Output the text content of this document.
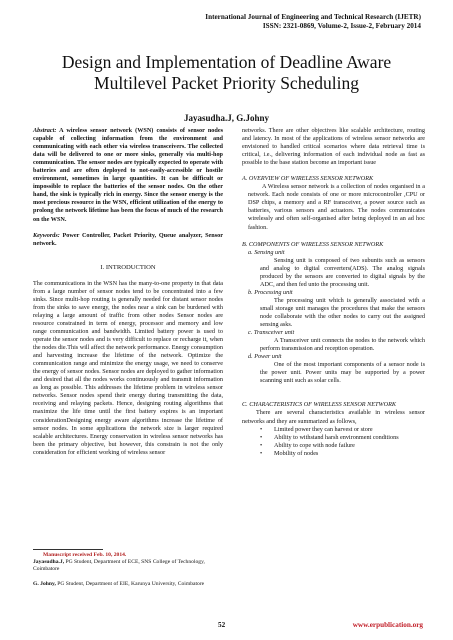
International Journal of Engineering and Technical Research (IJETR)
ISSN: 2321-0869, Volume-2, Issue-2, February 2014
Design and Implementation of Deadline Aware
Multilevel Packet Priority Scheduling
Jayasudha.J, G.Johny

Abstract: A wireless sensor network (WSN) consists of sensor nodes capable of collecting information from the environment and communicating with each other via wireless transceivers. The collected data will be delivered to one or more sinks, generally via multi-hop communication. The sensor nodes are typically expected to operate with batteries and are often deployed to not-easily-accessible or hostile environment, sometimes in large quantities. It can be difficult or impossible to replace the batteries of the sensor nodes. On the other hand, the sink is typically rich in energy. Since the sensor energy is the most precious resource in the WSN, efficient utilization of the energy to prolong the network lifetime has been the focus of much of the research on the WSN.

Keywords: Power Controller, Packet Priority, Queue analyzer, Sensor network.

I. INTRODUCTION

The communications in the WSN has the many-to-one property in that data from a large number of sensor nodes tend to be concentrated into a few sinks. Since multi-hop routing is generally needed for distant sensor nodes from the sinks to save energy, the nodes near a sink can be burdened with relaying a large amount of traffic from other nodes Sensor nodes are resource constrained in term of energy, processor and memory and low range communication and bandwidth. Limited battery power is used to operate the sensor nodes and is very difficult to replace or recharge it, when the nodes die.This will affect the network performance. Energy consumption and harvesting increase the lifetime of the network. Optimize the communication range and minimize the energy usage, we need to conserve the energy of sensor nodes. Sensor nodes are deployed to gather information and desired that all the nodes works continuously and transmit information as long as possible. This addresses the lifetime problem in wireless sensor networks. Sensor nodes spend their energy during transmitting the data, receiving and relaying packets. Hence, designing routing algorithms that maximize the life time until the first battery expires is an important considerationDesigning energy aware algorithms increase the lifetime of sensor nodes. In some applications the network size is larger required scalable architectures. Energy conservation in wireless sensor networks has been the primary objective, but however, this constrain is not the only consideration for efficient working of wireless sensor

networks. There are other objectives like scalable architecture, routing and latency. In most of the applications of wireless sensor networks are envisioned to handled critical scenarios where data retrieval time is critical, i.e., delivering information of each individual node as fast as possible to the base station become an important issue

A. OVERVIEW OF WIRELESS SENSOR NETWORK

A Wireless sensor network is a collection of nodes organised in a network. Each node consists of one or more microcontroller ,CPU or DSP chips, a memory and a RF transceiver, a power source such as batteries, various sensors and actuators. The nodes communicates wirelessly and often self-organised after being deployed in an ad hoc fashion.

B. COMPONENTS OF WIRELESS SENSOR NETWORK

a. Sensing unit

Sensing unit is composed of two subunits such as sensors and analog to digital converters(ADS). The analog signals produced by the sensors are converted to digital signals by the ADC, and then fed unto the processing unit.

b. Processing unit

The processing unit which is generally associated with a small storage unit manages the procedures that make the sensors node collaborate with the other nodes to carry out the assigned sensing asks.

c. Transceiver unit

A Transceiver unit connects the nodes to the network which perform transmission and reception operation.

d. Power unit

One of the most important components of a sensor node is the power unit. Power units may be supported by a power scanning unit such as solar cells.

C. CHARACTERISTICS OF WIRELESS SENSOR NETWORK

There are several characteristics available in wireless sensor networks and they are summarized as follows,

• Limited power they can harvest or store
• Ability to withstand harsh environment conditions
• Ability to cope with node failure
• Mobility of nodes
Manuscript received Feb. 10, 2014.
Jayasudha.J, PG Student, Department of ECE, SNS College of Technology, Coimbatore
G. Johny, PG Student, Department of EIE, Karunya University, Coimbatore
52	www.erpublication.org
